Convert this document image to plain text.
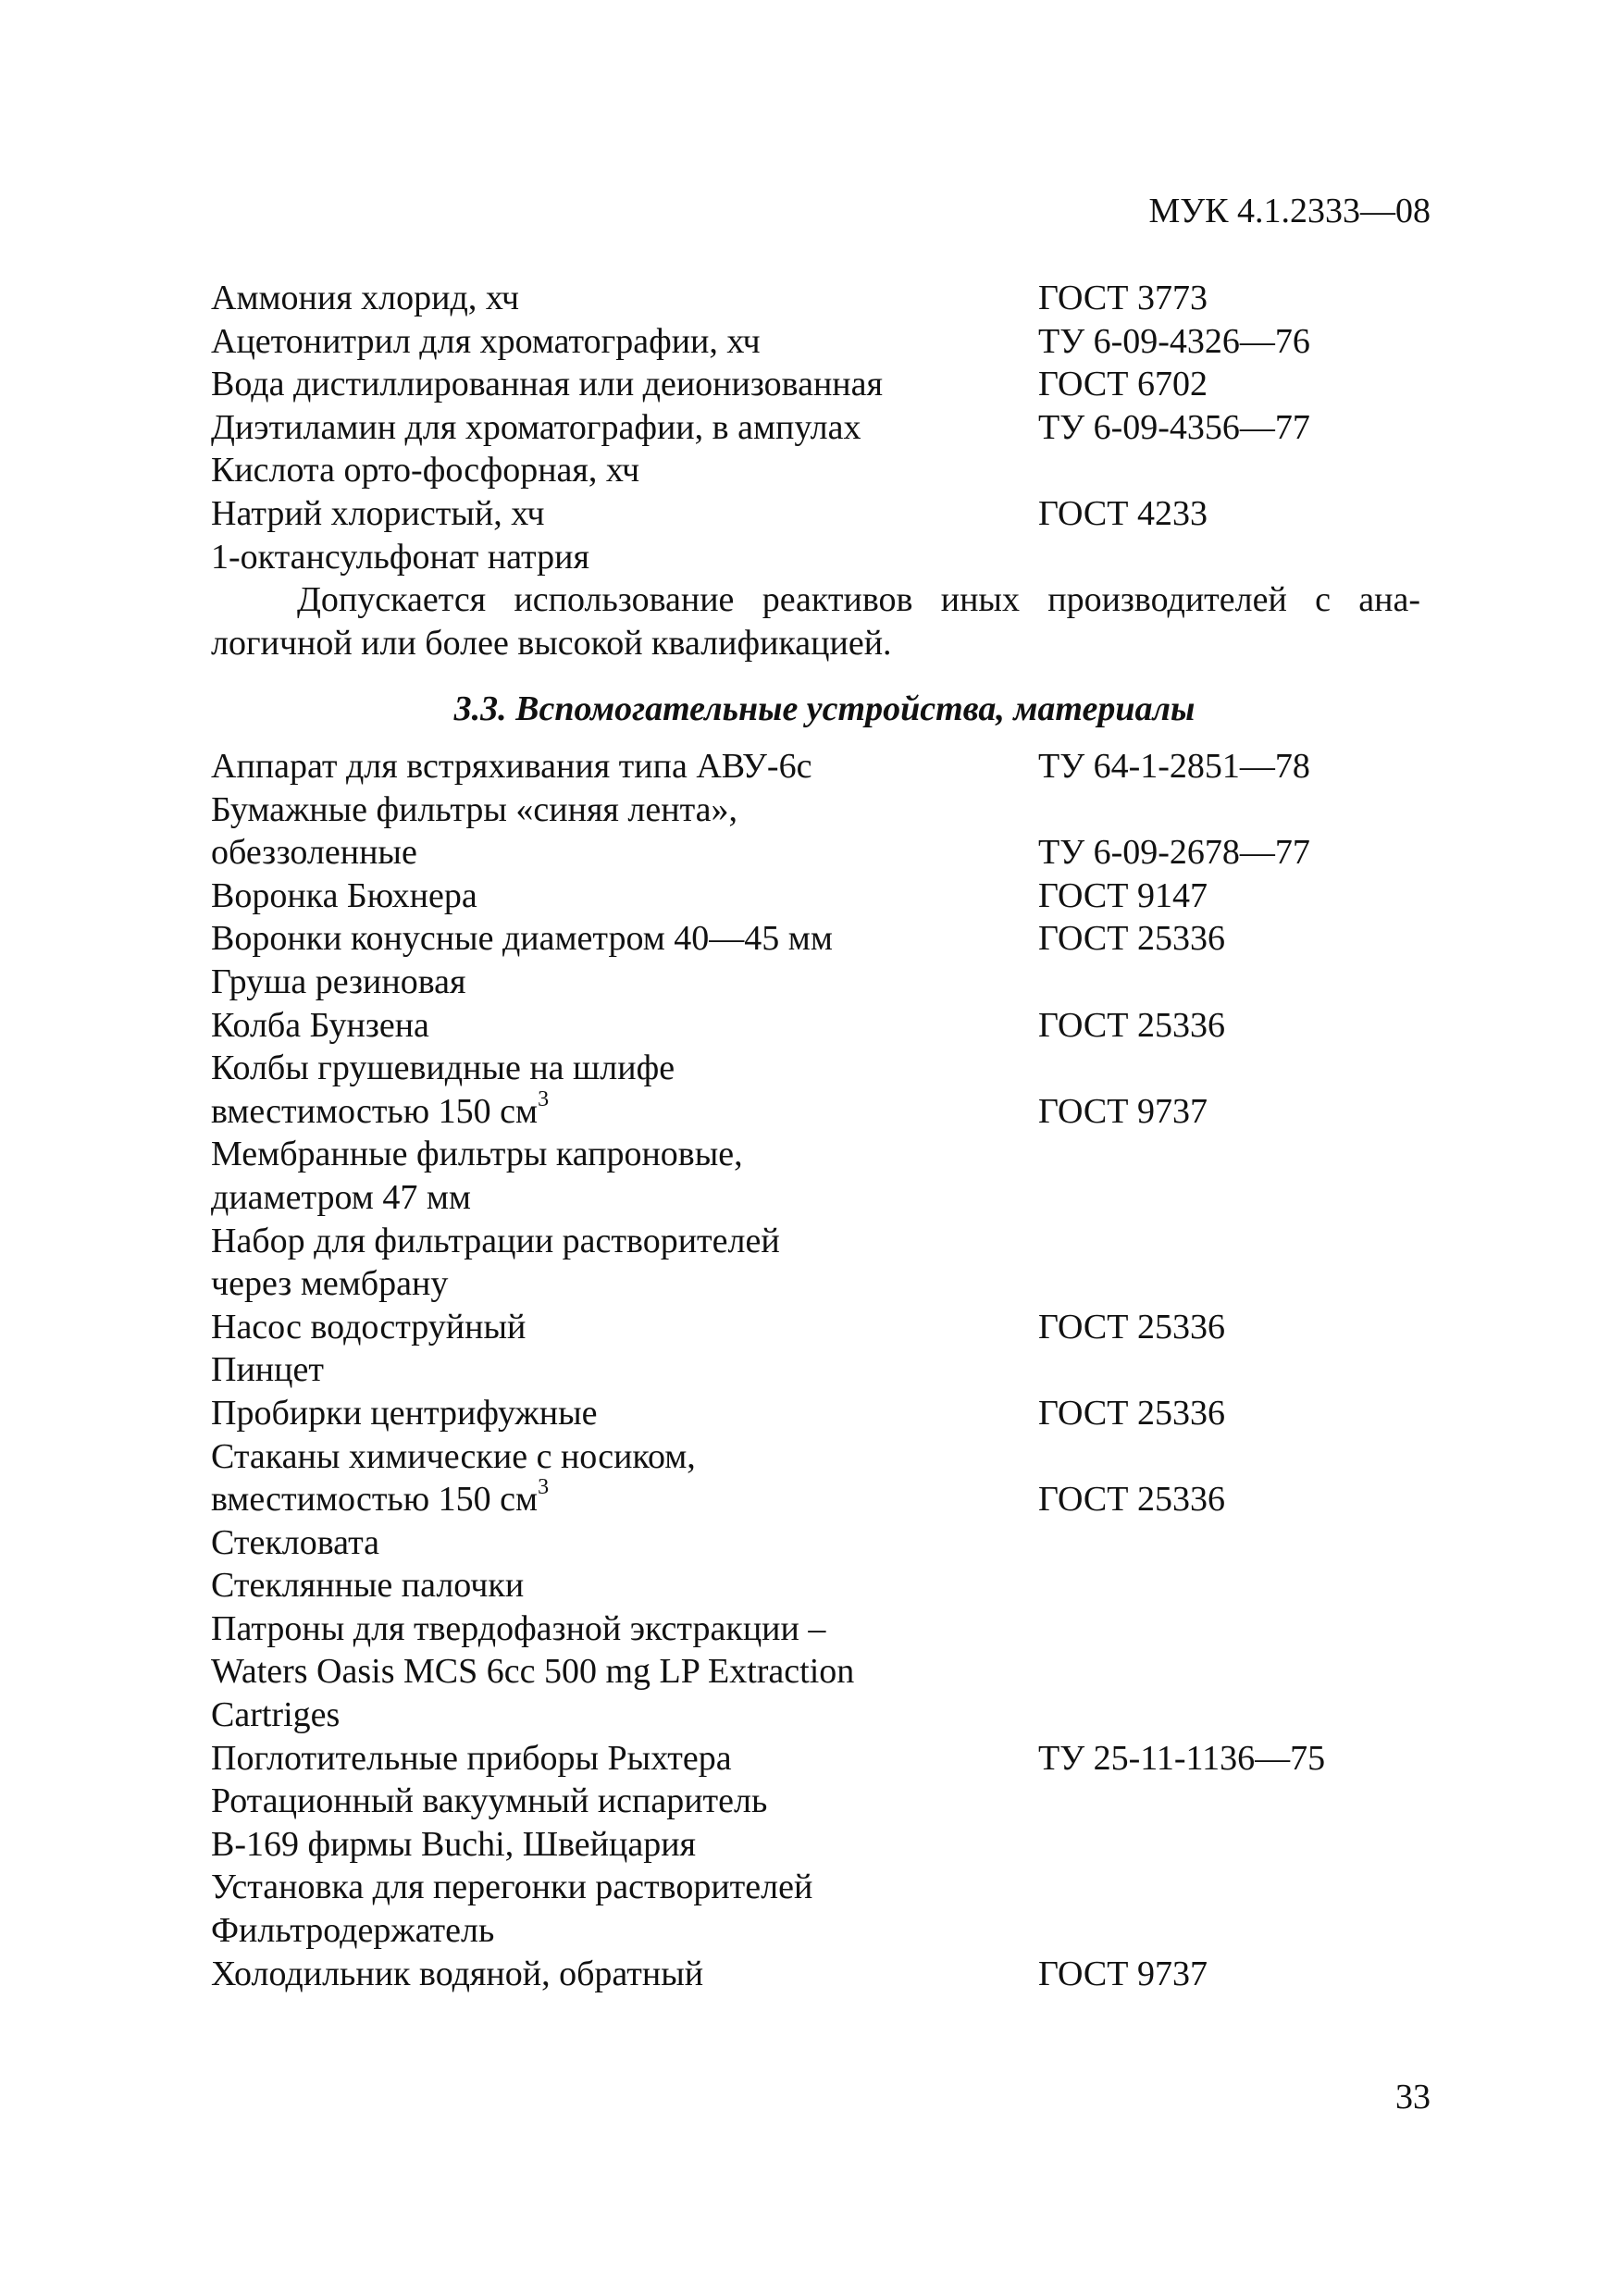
МУК 4.1.2333—08
Аммония хлорид, хч	ГОСТ 3773
Ацетонитрил для хроматографии, хч	ТУ 6-09-4326—76
Вода дистиллированная или деионизованная	ГОСТ 6702
Диэтиламин для хроматографии, в ампулах	ТУ 6-09-4356—77
Кислота орто-фосфорная, хч
Натрий хлористый, хч	ГОСТ 4233
1-октансульфонат натрия
Допускается использование реактивов иных производителей с ана-логичной или более высокой квалификацией.
3.3. Вспомогательные устройства, материалы
Аппарат для встряхивания типа АВУ-6с	ТУ 64-1-2851—78
Бумажные фильтры «синяя лента»,
обеззоленные	ТУ 6-09-2678—77
Воронка Бюхнера	ГОСТ 9147
Воронки конусные диаметром 40—45 мм	ГОСТ 25336
Груша резиновая
Колба Бунзена	ГОСТ 25336
Колбы грушевидные на шлифе
вместимостью 150 $см^3$	ГОСТ 9737
Мембранные фильтры капроновые,
диаметром 47 мм
Набор для фильтрации растворителей
через мембрану
Насос водоструйный	ГОСТ 25336
Пинцет
Пробирки центрифужные	ГОСТ 25336
Стаканы химические с носиком,
вместимостью 150 $см^3$	ГОСТ 25336
Стекловата
Стеклянные палочки
Патроны для твердофазной экстракции –
Waters Oasis MCS 6cc 500 mg LP Extraction
Cartriges
Поглотительные приборы Рыхтера	ТУ 25-11-1136—75
Ротационный вакуумный испаритель
B-169 фирмы Buchi, Швейцария
Установка для перегонки растворителей
Фильтродержатель
Холодильник водяной, обратный	ГОСТ 9737
33
